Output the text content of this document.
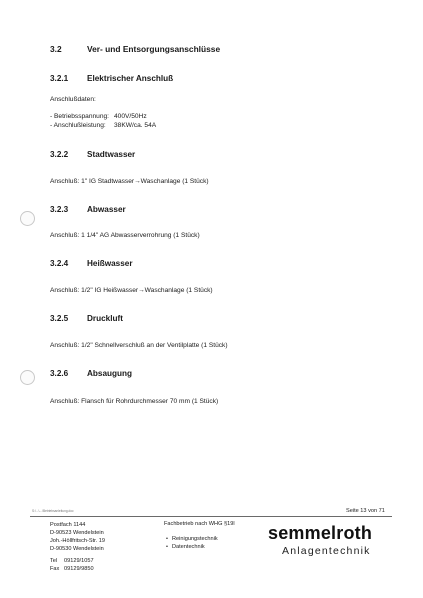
3.2	Ver- und Entsorgungsanschlüsse
3.2.1 Elektrischer Anschluß
Anschlußdaten:
- Betriebsspannung: 400V/50Hz
- Anschlußleistung: 38KW/ca. 54A
3.2.2 Stadtwasser
Anschluß: 1" IG Stadtwasser→Waschanlage (1 Stück)
3.2.3 Abwasser
Anschluß: 1 1/4" AG Abwasserverrohrung (1 Stück)
3.2.4 Heißwasser
Anschluß: 1/2" IG Heißwasser→Waschanlage (1 Stück)
3.2.5 Druckluft
Anschluß: 1/2" Schnellverschluß an der Ventilplatte (1 Stück)
3.2.6 Absaugung
Anschluß: Flansch für Rohrdurchmesser 70 mm (1 Stück)
S:\...\...\Betriebsanleitung.doc	Seite 13 von 71
Postfach 1144
D-90523 Wendelstein
Joh.-Höllfritsch-Str. 19
D-90530 Wendelstein
Tel 09129/1057
Fax 09129/9850
Fachbetrieb nach WHG §19l
• Reinigungstechnik
• Datentechnik
semmelroth
Anlagentechnik
